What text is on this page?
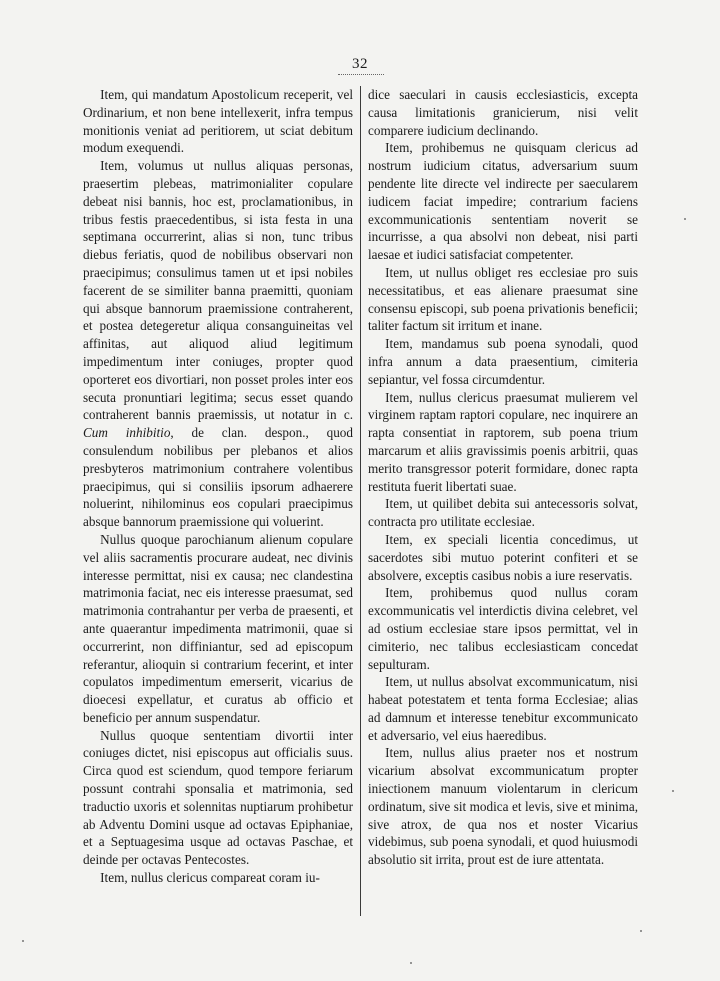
32

Item, qui mandatum Apostolicum receperit, vel Ordinarium, et non bene intellexerit, infra tempus monitionis veniat ad peritiorem, ut sciat debitum modum exequendi.

Item, volumus ut nullus aliquas personas, praesertim plebeas, matrimonialiter copulare debeat nisi bannis, hoc est, proclamationibus, in tribus festis praecedentibus, si ista festa in una septimana occurrerint, alias si non, tunc tribus diebus feriatis, quod de nobilibus observari non praecipimus; consulimus tamen ut et ipsi nobiles facerent de se similiter banna praemitti, quoniam qui absque bannorum praemissione contraherent, et postea detegeretur aliqua consanguineitas vel affinitas, aut aliquod aliud legitimum impedimentum inter coniuges, propter quod oporteret eos divortiari, non posset proles inter eos secuta pronuntiari legitima; secus esset quando contraherent bannis praemissis, ut notatur in c. Cum inhibitio, de clan. despon., quod consulendum nobilibus per plebanos et alios presbyteros matrimonium contrahere volentibus praecipimus, qui si consiliis ipsorum adhaerere noluerint, nihilominus eos copulari praecipimus absque bannorum praemissione qui voluerint.

Nullus quoque parochianum alienum copulare vel aliis sacramentis procurare audeat, nec divinis interesse permittat, nisi ex causa; nec clandestina matrimonia faciat, nec eis interesse praesumat, sed matrimonia contrahantur per verba de praesenti, et ante quaerantur impedimenta matrimonii, quae si occurrerint, non diffiniantur, sed ad episcopum referantur, alioquin si contrarium fecerint, et inter copulatos impedimentum emerserit, vicarius de dioecesi expellatur, et curatus ab officio et beneficio per annum suspendatur.

Nullus quoque sententiam divortii inter coniuges dictet, nisi episcopus aut officialis suus. Circa quod est sciendum, quod tempore feriarum possunt contrahi sponsalia et matrimonia, sed traductio uxoris et solennitas nuptiarum prohibetur ab Adventu Domini usque ad octavas Epiphaniae, et a Septuagesima usque ad octavas Paschae, et deinde per octavas Pentecostes.

Item, nullus clericus compareat coram iu-

dice saeculari in causis ecclesiasticis, excepta causa limitationis granicierum, nisi velit comparere iudicium declinando.

Item, prohibemus ne quisquam clericus ad nostrum iudicium citatus, adversarium suum pendente lite directe vel indirecte per saecularem iudicem faciat impedire; contrarium faciens excommunicationis sententiam noverit se incurrisse, a qua absolvi non debeat, nisi parti laesae et iudici satisfaciat competenter.

Item, ut nullus obliget res ecclesiae pro suis necessitatibus, et eas alienare praesumat sine consensu episcopi, sub poena privationis beneficii; taliter factum sit irritum et inane.

Item, mandamus sub poena synodali, quod infra annum a data praesentium, cimiteria sepiantur, vel fossa circumdentur.

Item, nullus clericus praesumat mulierem vel virginem raptam raptori copulare, nec inquirere an rapta consentiat in raptorem, sub poena trium marcarum et aliis gravissimis poenis arbitrii, quas merito transgressor poterit formidare, donec rapta restituta fuerit libertati suae.

Item, ut quilibet debita sui antecessoris solvat, contracta pro utilitate ecclesiae.

Item, ex speciali licentia concedimus, ut sacerdotes sibi mutuo poterint confiteri et se absolvere, exceptis casibus nobis a iure reservatis.

Item, prohibemus quod nullus coram excommunicatis vel interdictis divina celebret, vel ad ostium ecclesiae stare ipsos permittat, vel in cimiterio, nec talibus ecclesiasticam concedat sepulturam.

Item, ut nullus absolvat excommunicatum, nisi habeat potestatem et tenta forma Ecclesiae; alias ad damnum et interesse tenebitur excommunicato et adversario, vel eius haeredibus.

Item, nullus alius praeter nos et nostrum vicarium absolvat excommunicatum propter iniectionem manuum violentarum in clericum ordinatum, sive sit modica et levis, sive et minima, sive atrox, de qua nos et noster Vicarius videbimus, sub poena synodali, et quod huiusmodi absolutio sit irrita, prout est de iure attentata.
